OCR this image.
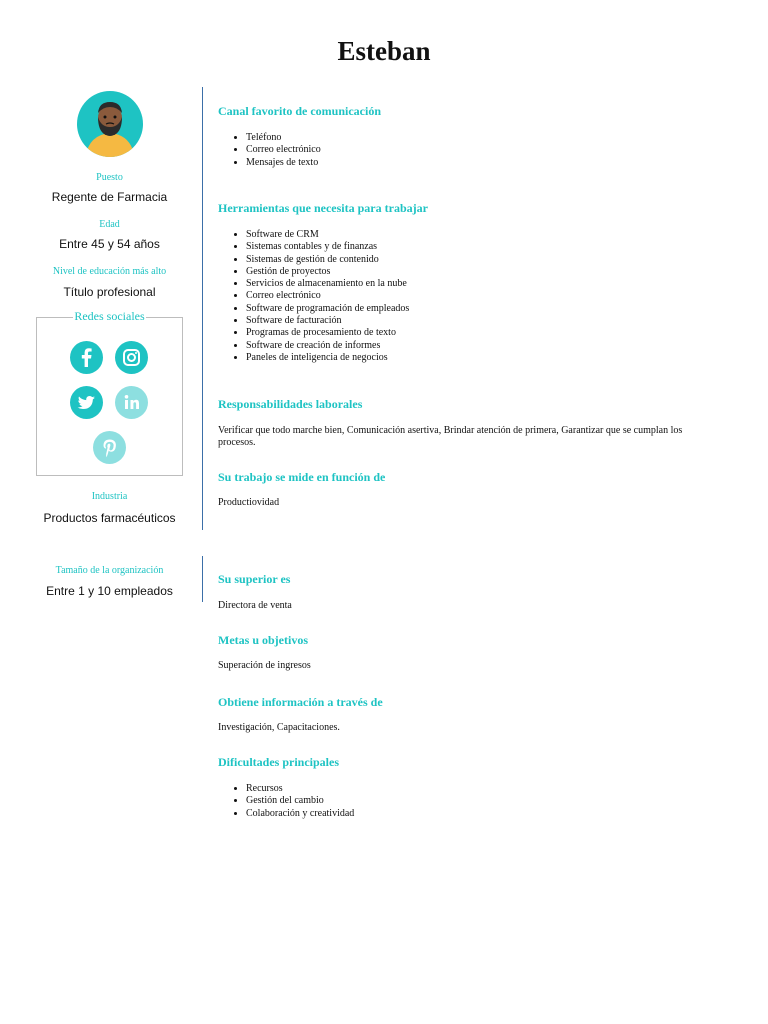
Esteban
Puesto
Regente de Farmacia
Edad
Entre 45 y 54 años
Nivel de educación más alto
Título profesional
Redes sociales
Industria
Productos farmacéuticos
Tamaño de la organización
Entre 1 y 10 empleados
Canal favorito de comunicación
• Teléfono
• Correo electrónico
• Mensajes de texto
Herramientas que necesita para trabajar
• Software de CRM
• Sistemas contables y de finanzas
• Sistemas de gestión de contenido
• Gestión de proyectos
• Servicios de almacenamiento en la nube
• Correo electrónico
• Software de programación de empleados
• Software de facturación
• Programas de procesamiento de texto
• Software de creación de informes
• Paneles de inteligencia de negocios
Responsabilidades laborales
Verificar que todo marche bien, Comunicación asertiva, Brindar atención de primera, Garantizar que se cumplan los procesos.
Su trabajo se mide en función de
Productiovidad
Su superior es
Directora de venta
Metas u objetivos
Superación de ingresos
Obtiene información a través de
Investigación, Capacitaciones.
Dificultades principales
• Recursos
• Gestión del cambio
• Colaboración y creatividad
